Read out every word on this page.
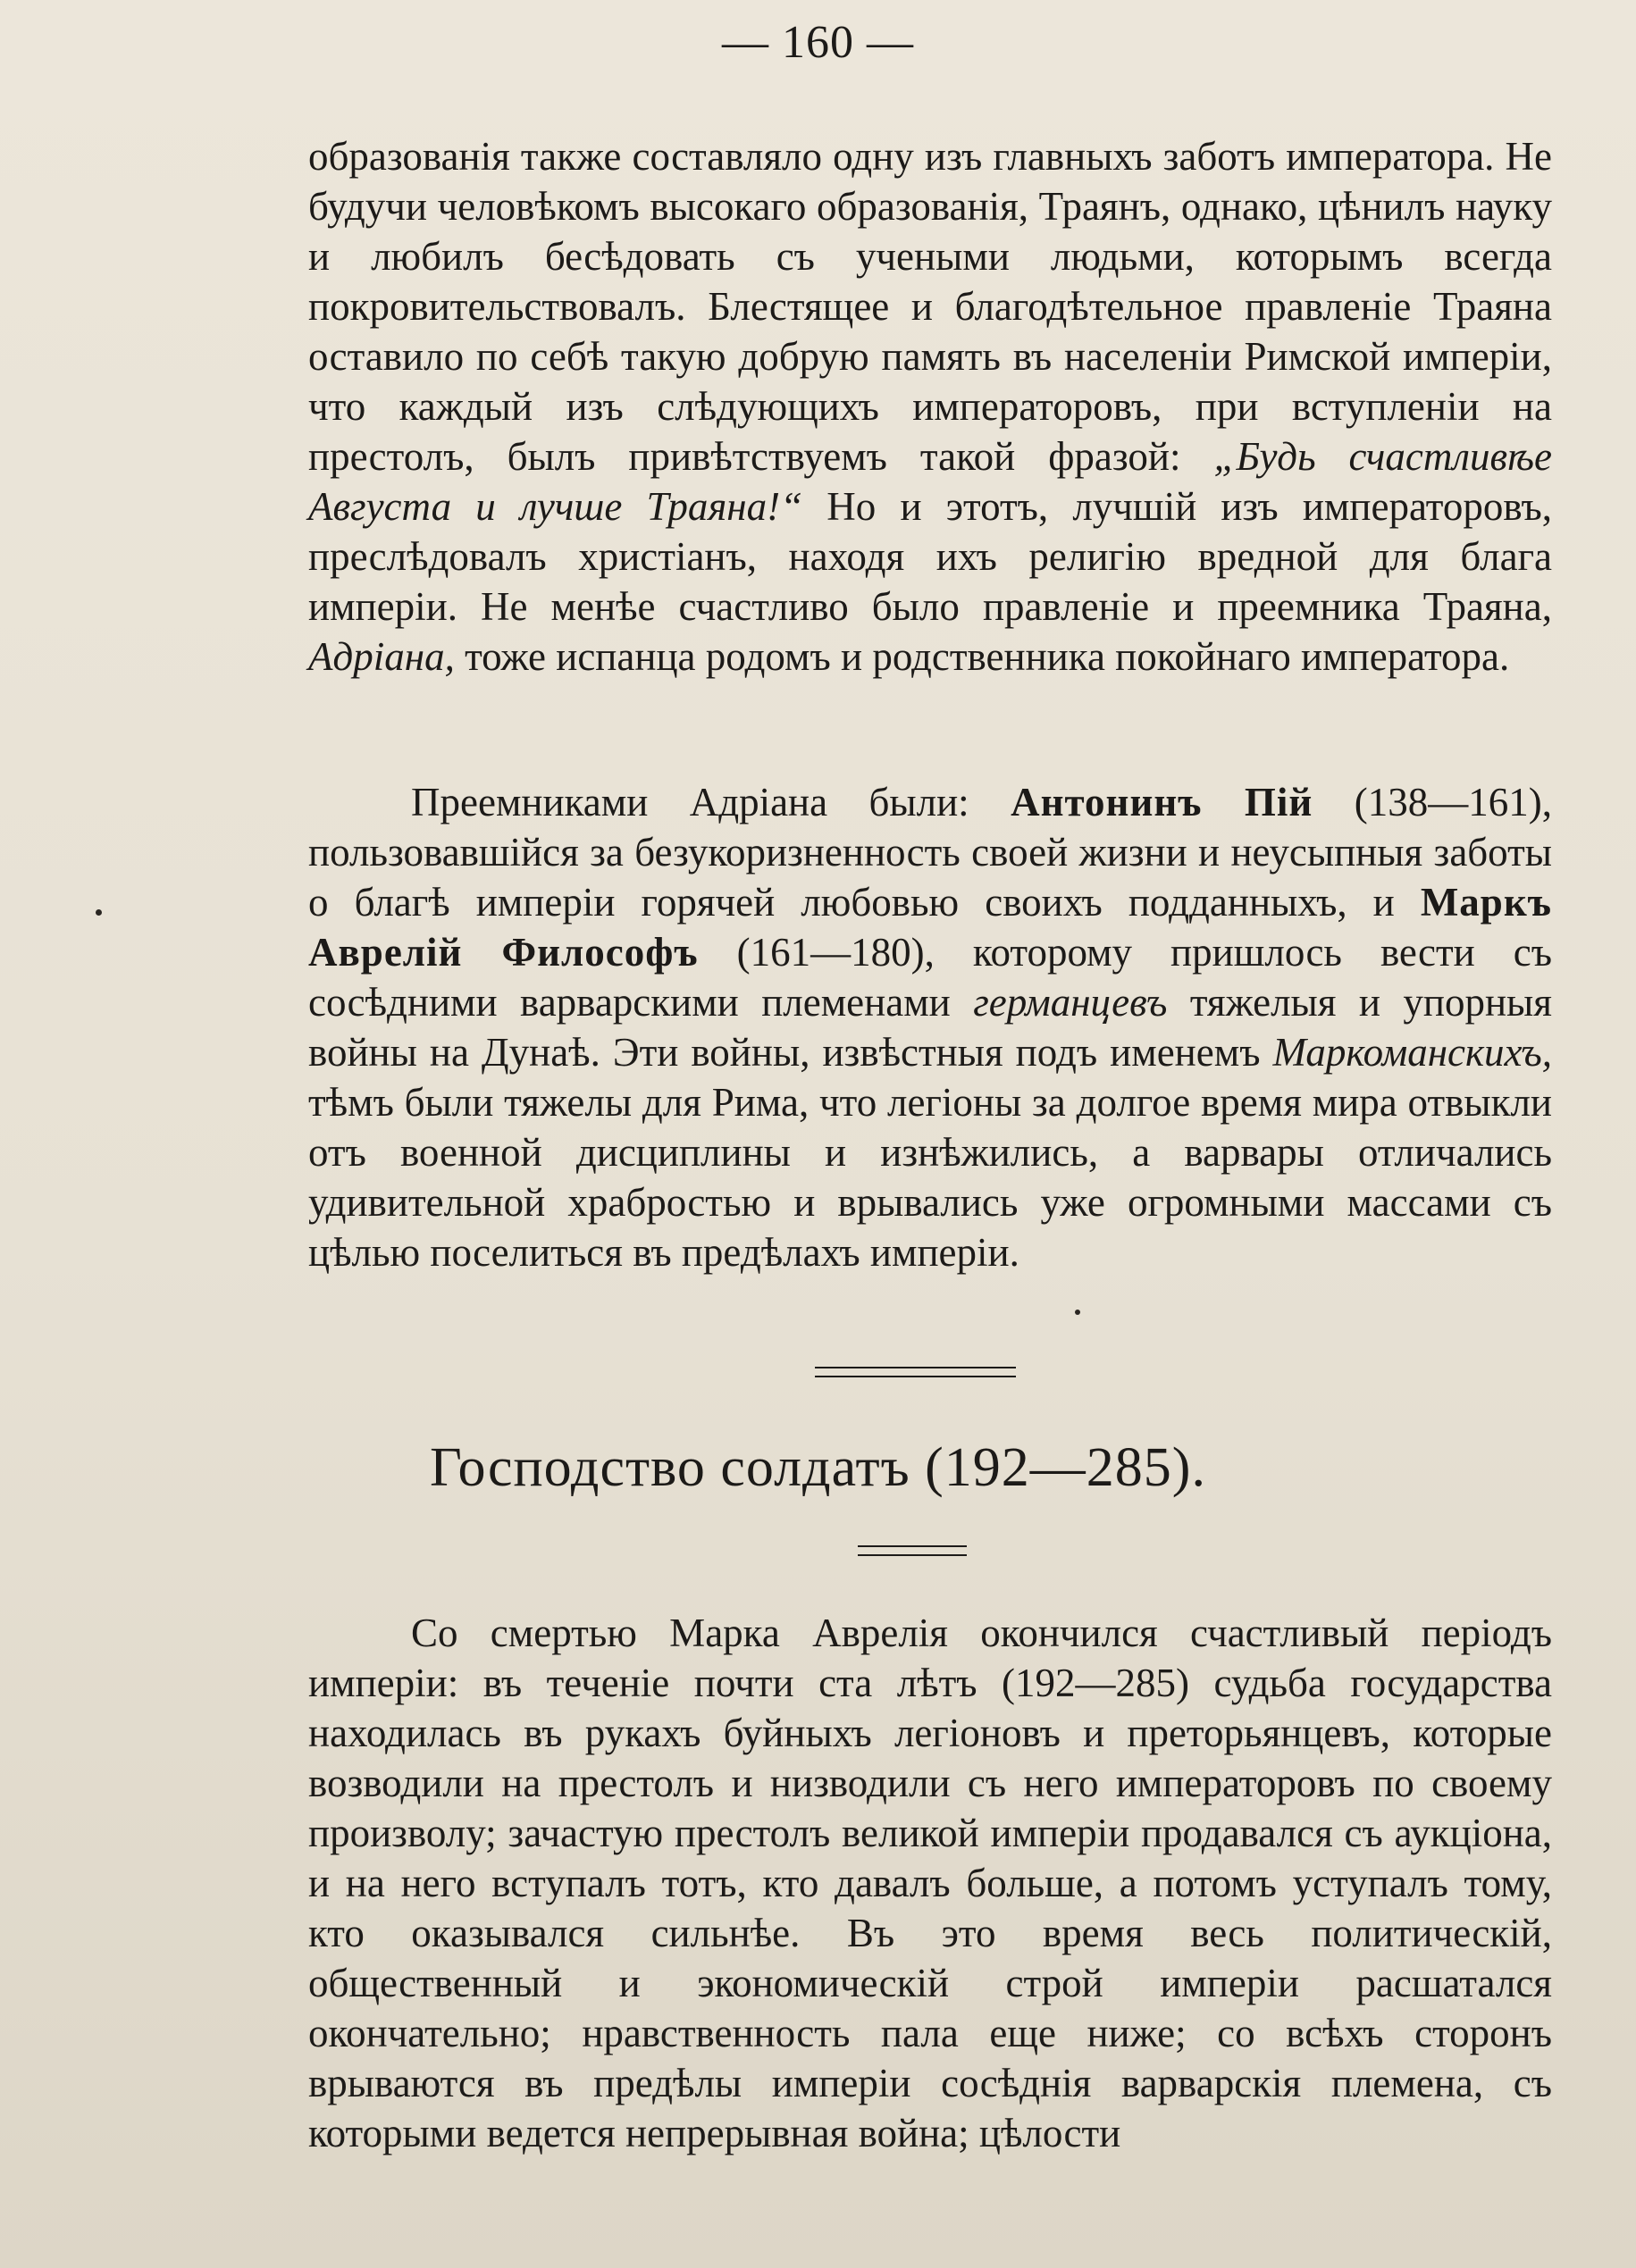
— 160 —

образованія также составляло одну изъ главныхъ заботъ императора. Не будучи человѣкомъ высокаго образованія, Траянъ, однако, цѣнилъ науку и любилъ бесѣдовать съ учеными людьми, которымъ всегда покровительствовалъ. Блестящее и благодѣтельное правленіе Траяна оставило по себѣ такую добрую память въ населеніи Римской имперіи, что каждый изъ слѣдующихъ императоровъ, при вступленіи на престолъ, былъ привѣтствуемъ такой фразой: „Будь счастливѣе Августа и лучше Траяна!“ Но и этотъ, лучшій изъ императоровъ, преслѣдовалъ христіанъ, находя ихъ религію вредной для блага имперіи. Не менѣе счастливо было правленіе и преемника Траяна, Адріана, тоже испанца родомъ и родственника покойнаго императора.

Преемниками Адріана были: Антонинъ Пій (138—161), пользовавшійся за безукоризненность своей жизни и неусыпныя заботы о благѣ имперіи горячей любовью своихъ подданныхъ, и Маркъ Аврелій Философъ (161—180), которому пришлось вести съ сосѣдними варварскими племенами германцевъ тяжелыя и упорныя войны на Дунаѣ. Эти войны, извѣстныя подъ именемъ Маркоманскихъ, тѣмъ были тяжелы для Рима, что легіоны за долгое время мира отвыкли отъ военной дисциплины и изнѣжились, а варвары отличались удивительной храбростью и врывались уже огромными массами съ цѣлью поселиться въ предѣлахъ имперіи.

Господство солдатъ (192—285).

Со смертью Марка Аврелія окончился счастливый періодъ имперіи: въ теченіе почти ста лѣтъ (192—285) судьба государства находилась въ рукахъ буйныхъ легіоновъ и преторьянцевъ, которые возводили на престолъ и низводили съ него императоровъ по своему произволу; зачастую престолъ великой имперіи продавался съ аукціона, и на него вступалъ тотъ, кто давалъ больше, а потомъ уступалъ тому, кто оказывался сильнѣе. Въ это время весь политическій, общественный и экономическій строй имперіи расшатался окончательно; нравственность пала еще ниже; со всѣхъ сторонъ врываются въ предѣлы имперіи сосѣднія варварскія племена, съ которыми ведется непрерывная война; цѣлости
